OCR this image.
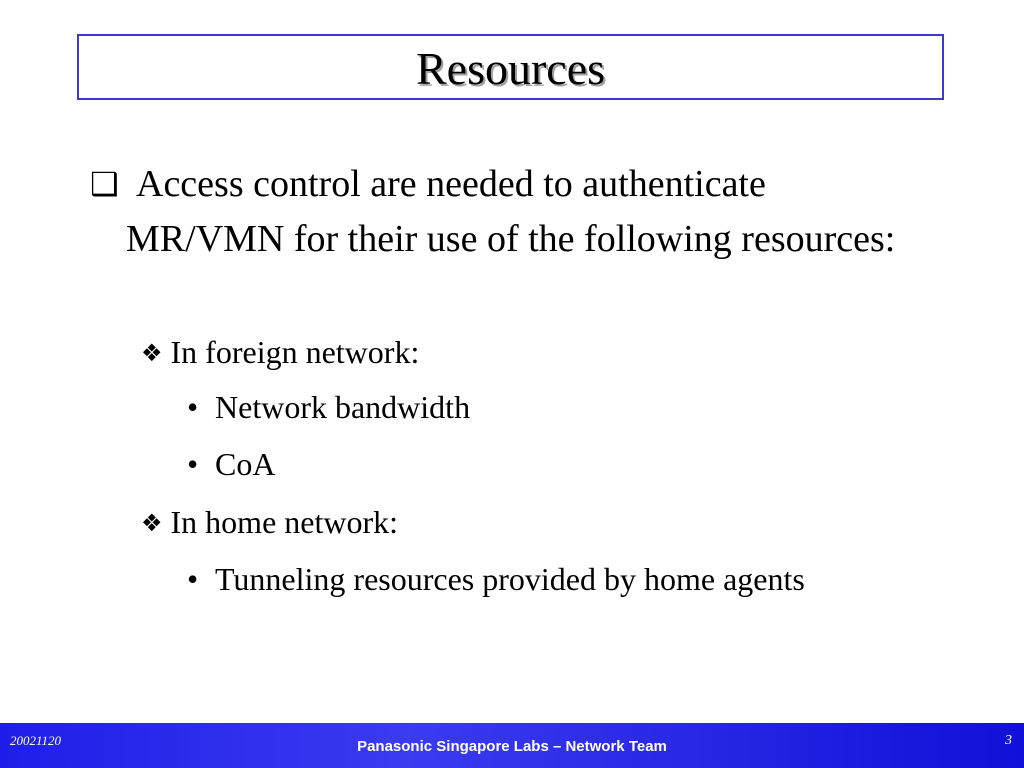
Resources
❑ Access control are needed to authenticate MR/VMN for their use of the following resources:
❖ In foreign network:
• Network bandwidth
• CoA
❖ In home network:
• Tunneling resources provided by home agents
20021120	Panasonic Singapore Labs – Network Team	3
